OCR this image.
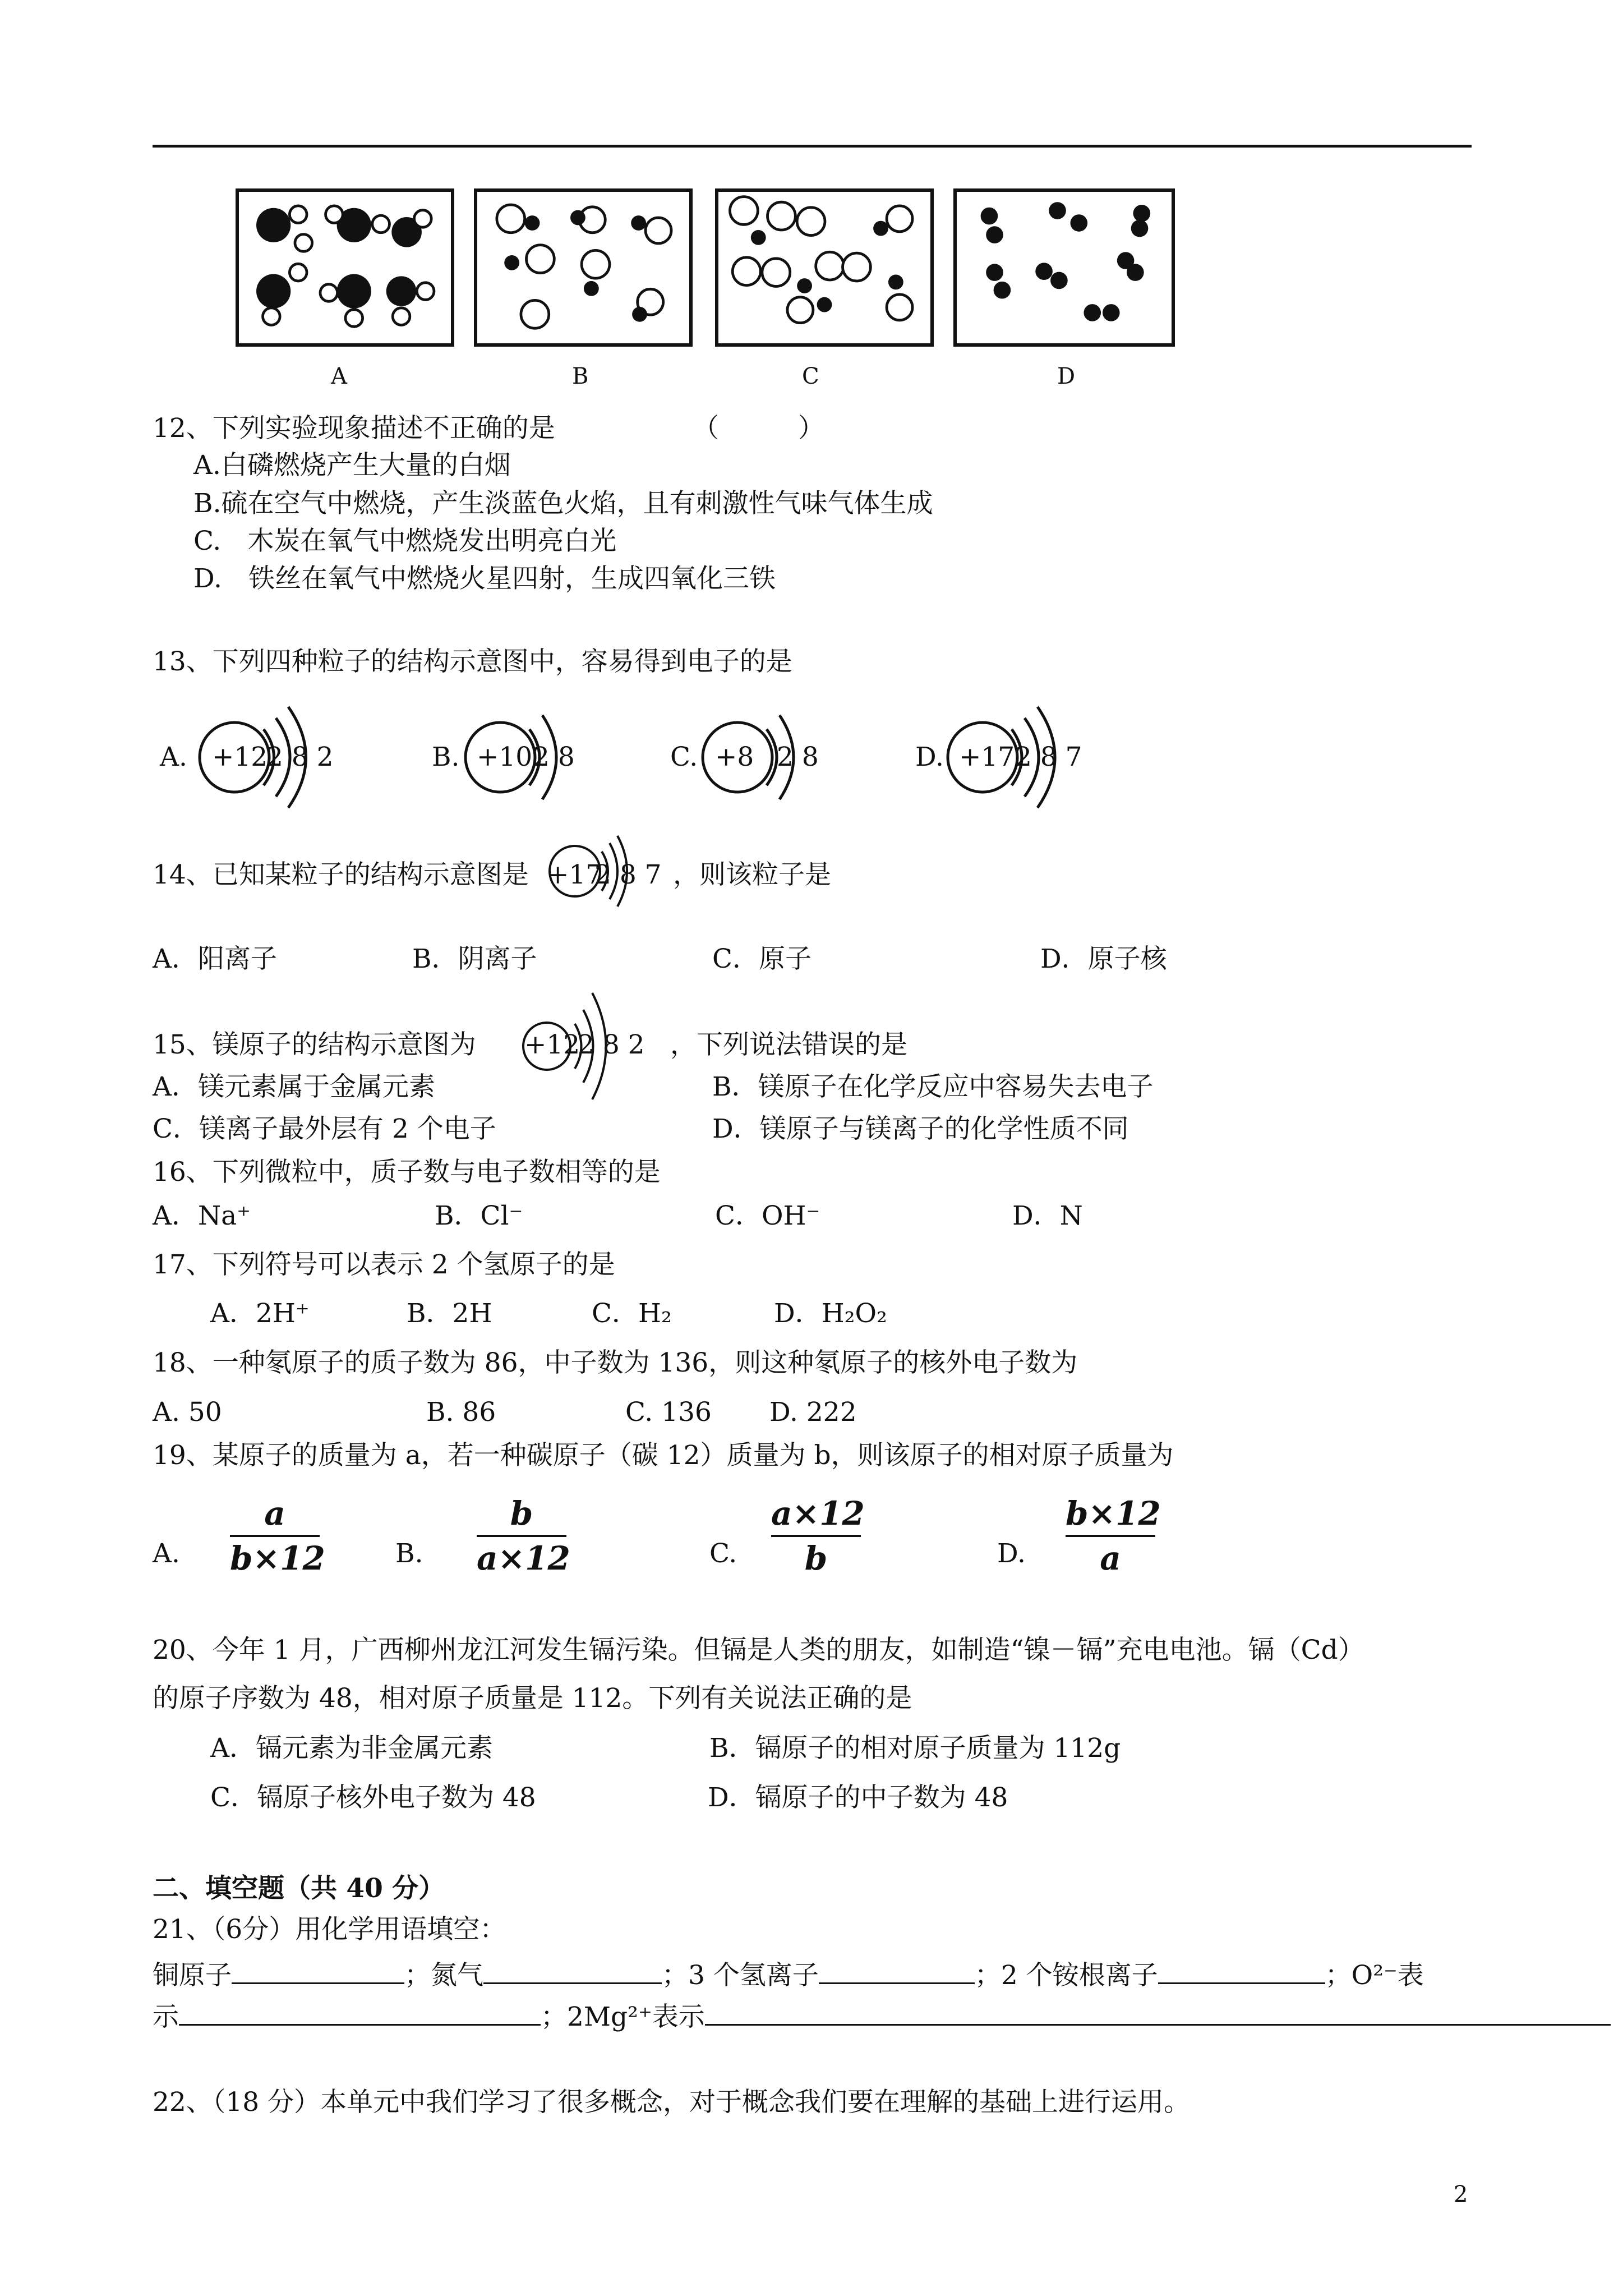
A	B	C	D
12、下列实验现象描述不正确的是	（　　　）
A.白磷燃烧产生大量的白烟
B.硫在空气中燃烧，产生淡蓝色火焰，且有刺激性气味气体生成
C.　木炭在氧气中燃烧发出明亮白光
D.　铁丝在氧气中燃烧火星四射，生成四氧化三铁
13、下列四种粒子的结构示意图中，容易得到电子的是
A. +12
2 8 2	B. +10 2 8	C. +8 2 8	D. +17 2 8 7
14、已知某粒子的结构示意图是 +17
2 8 7 ，则该粒子是
A．阳离子	B．阴离子	C．原子	D．原子核
15、镁原子的结构示意图为 +12
2 8 2 ，下列说法错误的是
A．镁元素属于金属元素	B．镁原子在化学反应中容易失去电子
C．镁离子最外层有 2 个电子	D．镁原子与镁离子的化学性质不同
16、下列微粒中，质子数与电子数相等的是
A．Na⁺	B．Cl⁻	C．OH⁻	D．N
17、下列符号可以表示 2 个氢原子的是
A．2H⁺	B．2H	C．H₂	D．H₂O₂
18、一种氡原子的质子数为 86，中子数为 136，则这种氡原子的核外电子数为
A. 50	B. 86	C. 136 D. 222
19、某原子的质量为 a，若一种碳原子（碳 12）质量为 b，则该原子的相对原子质量为
A.
a
b×12	B.
b
a×12	C.
a×12
b	D.
b×12
a
20、今年 1 月，广西柳州龙江河发生镉污染。但镉是人类的朋友，如制造“镍－镉”充电电池。镉（Cd）
的原子序数为 48，相对原子质量是 112。下列有关说法正确的是
A．镉元素为非金属元素	B．镉原子的相对原子质量为 112g
C．镉原子核外电子数为 48	D．镉原子的中子数为 48
二、填空题（共 40 分）
21、（6分）用化学用语填空：
铜原子	；氮气	；3 个氢离子	；2 个铵根离子	；O²⁻表
示	；2Mg²⁺表示
22、（18 分）本单元中我们学习了很多概念，对于概念我们要在理解的基础上进行运用。
2
